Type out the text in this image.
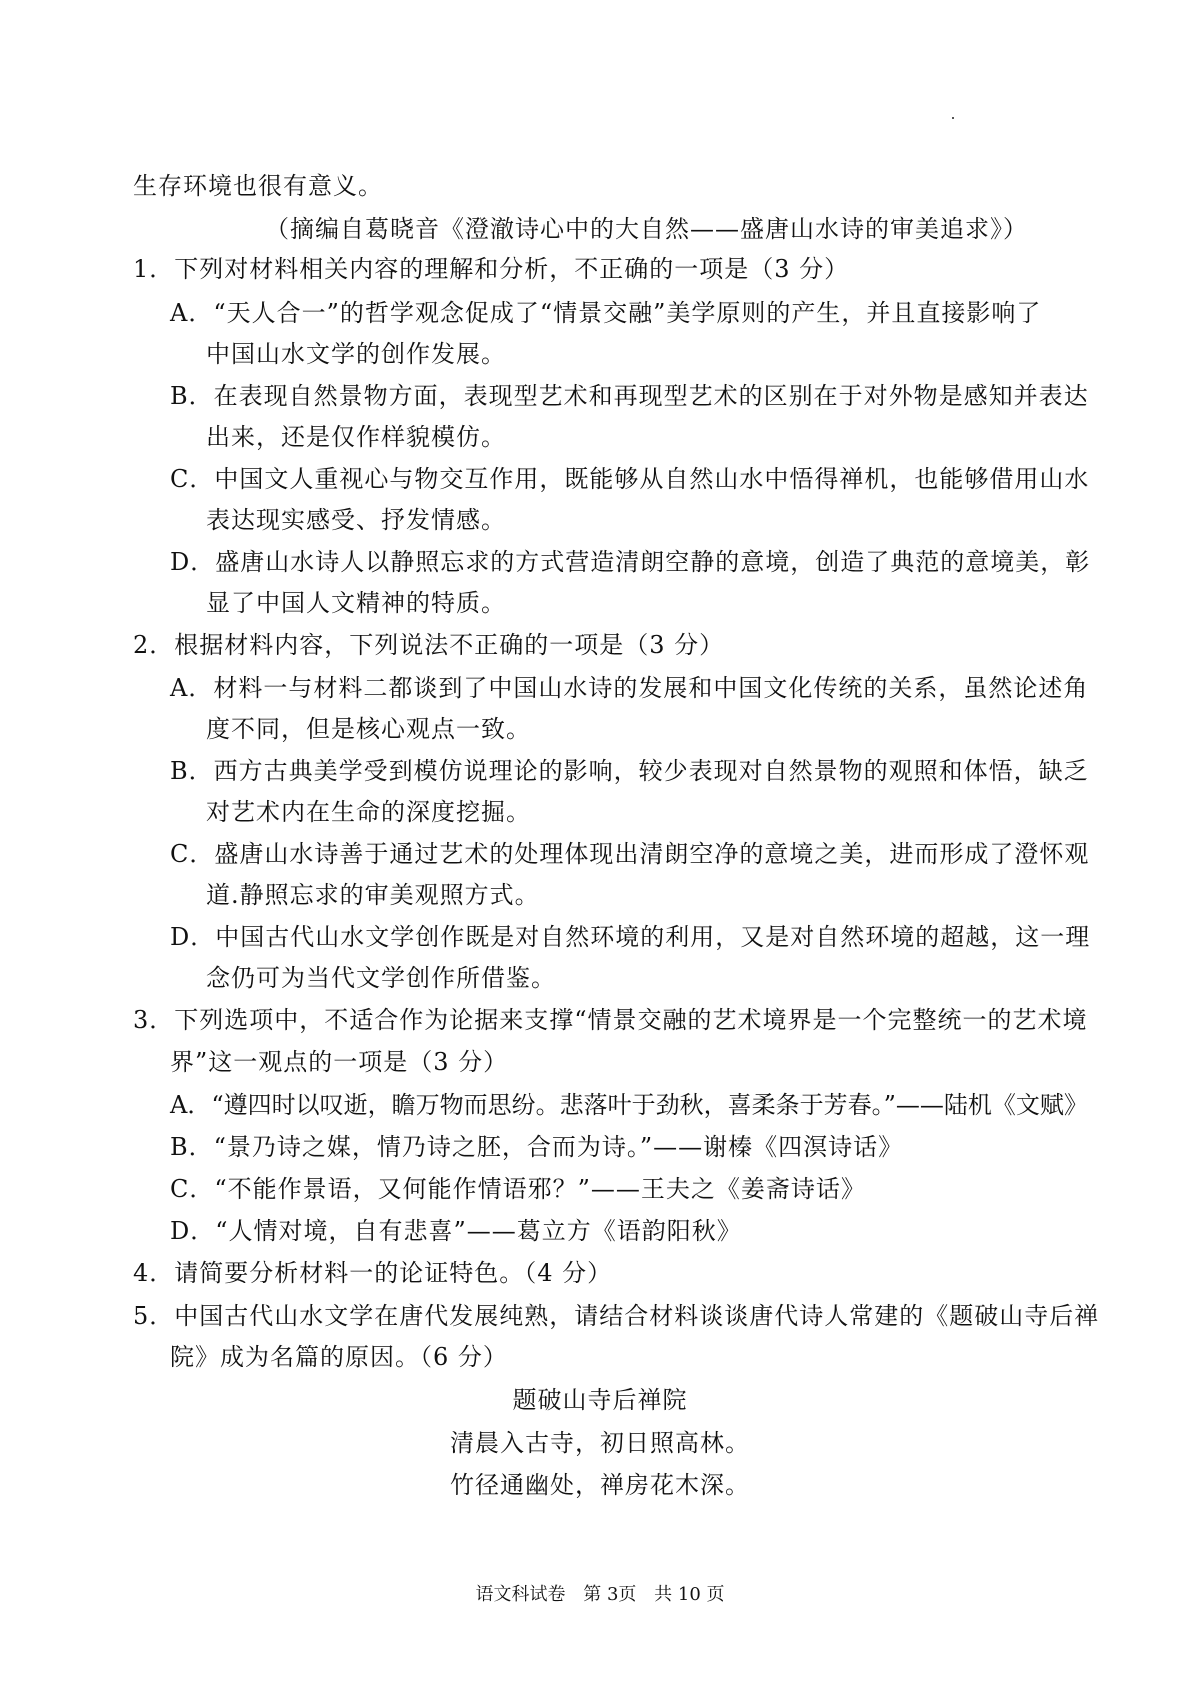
生存环境也很有意义。
（摘编自葛晓音《澄澈诗心中的大自然——盛唐山水诗的审美追求》）
1．下列对材料相关内容的理解和分析，不正确的一项是（3 分）
A．“天人合一”的哲学观念促成了“情景交融”美学原则的产生，并且直接影响了
中国山水文学的创作发展。
B．在表现自然景物方面，表现型艺术和再现型艺术的区别在于对外物是感知并表达
出来，还是仅作样貌模仿。
C．中国文人重视心与物交互作用，既能够从自然山水中悟得禅机，也能够借用山水
表达现实感受、抒发情感。
D．盛唐山水诗人以静照忘求的方式营造清朗空静的意境，创造了典范的意境美，彰
显了中国人文精神的特质。
2．根据材料内容，下列说法不正确的一项是（3 分）
A．材料一与材料二都谈到了中国山水诗的发展和中国文化传统的关系，虽然论述角
度不同，但是核心观点一致。
B．西方古典美学受到模仿说理论的影响，较少表现对自然景物的观照和体悟，缺乏
对艺术内在生命的深度挖掘。
C．盛唐山水诗善于通过艺术的处理体现出清朗空净的意境之美，进而形成了澄怀观
道.静照忘求的审美观照方式。
D．中国古代山水文学创作既是对自然环境的利用，又是对自然环境的超越，这一理
念仍可为当代文学创作所借鉴。
3．下列选项中，不适合作为论据来支撑“情景交融的艺术境界是一个完整统一的艺术境
界”这一观点的一项是（3 分）
A．“遵四时以叹逝，瞻万物而思纷。悲落叶于劲秋，喜柔条于芳春。”——陆机《文赋》
B．“景乃诗之媒，情乃诗之胚，合而为诗。”——谢榛《四溟诗话》
C．“不能作景语，又何能作情语邪？”——王夫之《姜斋诗话》
D．“人情对境，自有悲喜”——葛立方《语韵阳秋》
4．请简要分析材料一的论证特色。（4 分）
5．中国古代山水文学在唐代发展纯熟，请结合材料谈谈唐代诗人常建的《题破山寺后禅
院》成为名篇的原因。（6 分）
题破山寺后禅院
清晨入古寺，初日照高林。
竹径通幽处，禅房花木深。
语文科试卷 第 3页 共 10 页
